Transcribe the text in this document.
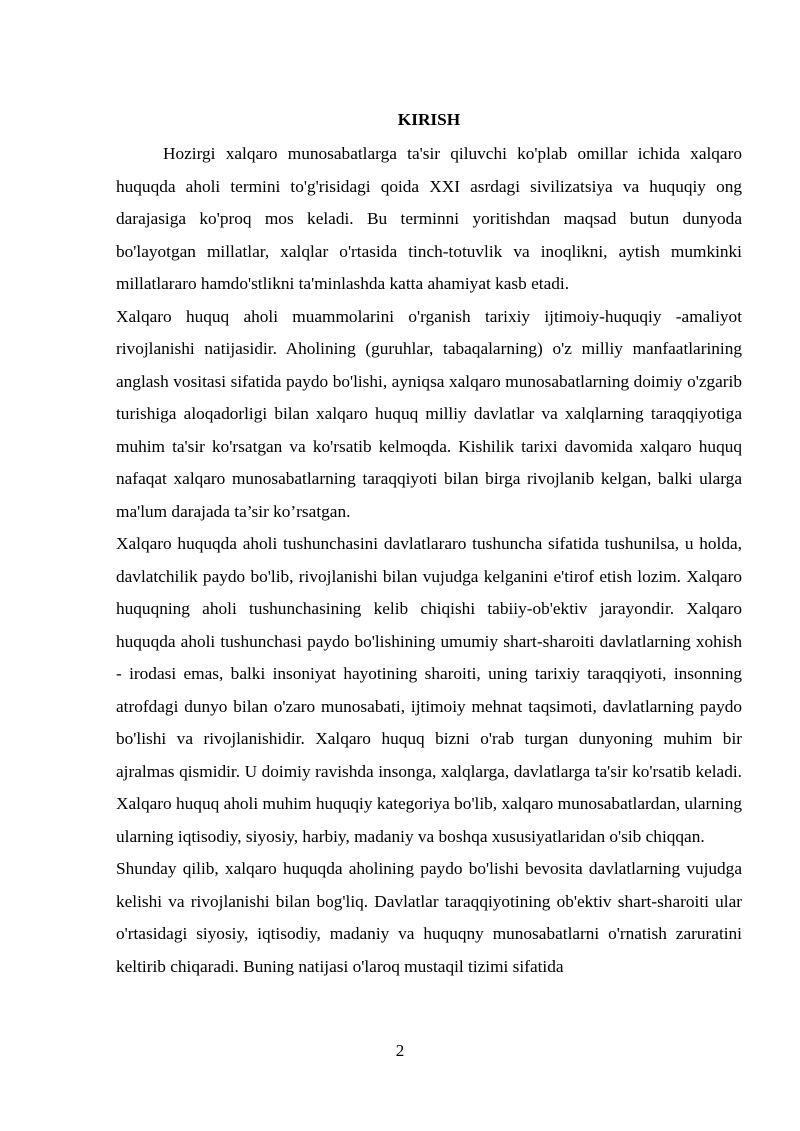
KIRISH

Hozirgi xalqaro munosabatlarga ta'sir qiluvchi ko'plab omillar ichida xalqaro huquqda aholi termini to'g'risidagi qoida XXI asrdagi sivilizatsiya va huquqiy ong darajasiga ko'proq mos keladi. Bu terminni yoritishdan maqsad butun dunyoda bo'layotgan millatlar, xalqlar o'rtasida tinch-totuvlik va inoqlikni, aytish mumkinki millatlararo hamdo'stlikni ta'minlashda katta ahamiyat kasb etadi.

Xalqaro huquq aholi muammolarini o'rganish tarixiy ijtimoiy-huquqiy -amaliyot rivojlanishi natijasidir. Aholining (guruhlar, tabaqalarning) o'z milliy manfaatlarining anglash vositasi sifatida paydo bo'lishi, ayniqsa xalqaro munosabatlarning doimiy o'zgarib turishiga aloqadorligi bilan xalqaro huquq milliy davlatlar va xalqlarning taraqqiyotiga muhim ta'sir ko'rsatgan va ko'rsatib kelmoqda. Kishilik tarixi davomida xalqaro huquq nafaqat xalqaro munosabatlarning taraqqiyoti bilan birga rivojlanib kelgan, balki ularga ma'lum darajada ta’sir ko’rsatgan.

Xalqaro huquqda aholi tushunchasini davlatlararo tushuncha sifatida tushunilsa, u holda, davlatchilik paydo bo'lib, rivojlanishi bilan vujudga kelganini e'tirof etish lozim. Xalqaro huquqning aholi tushunchasining kelib chiqishi tabiiy-ob'ektiv jarayondir. Xalqaro huquqda aholi tushunchasi paydo bo'lishining umumiy shart-sharoiti davlatlarning xohish - irodasi emas, balki insoniyat hayotining sharoiti, uning tarixiy taraqqiyoti, insonning atrofdagi dunyo bilan o'zaro munosabati, ijtimoiy mehnat taqsimoti, davlatlarning paydo bo'lishi va rivojlanishidir. Xalqaro huquq bizni o'rab turgan dunyoning muhim bir ajralmas qismidir. U doimiy ravishda insonga, xalqlarga, davlatlarga ta'sir ko'rsatib keladi. Xalqaro huquq aholi muhim huquqiy kategoriya bo'lib, xalqaro munosabatlardan, ularning ularning iqtisodiy, siyosiy, harbiy, madaniy va boshqa xususiyatlaridan o'sib chiqqan.

Shunday qilib, xalqaro huquqda aholining paydo bo'lishi bevosita davlatlarning vujudga kelishi va rivojlanishi bilan bog'liq. Davlatlar taraqqiyotining ob'ektiv shart-sharoiti ular o'rtasidagi siyosiy, iqtisodiy, madaniy va huquqny munosabatlarni o'rnatish zaruratini keltirib chiqaradi. Buning natijasi o'laroq mustaqil tizimi sifatida

2
